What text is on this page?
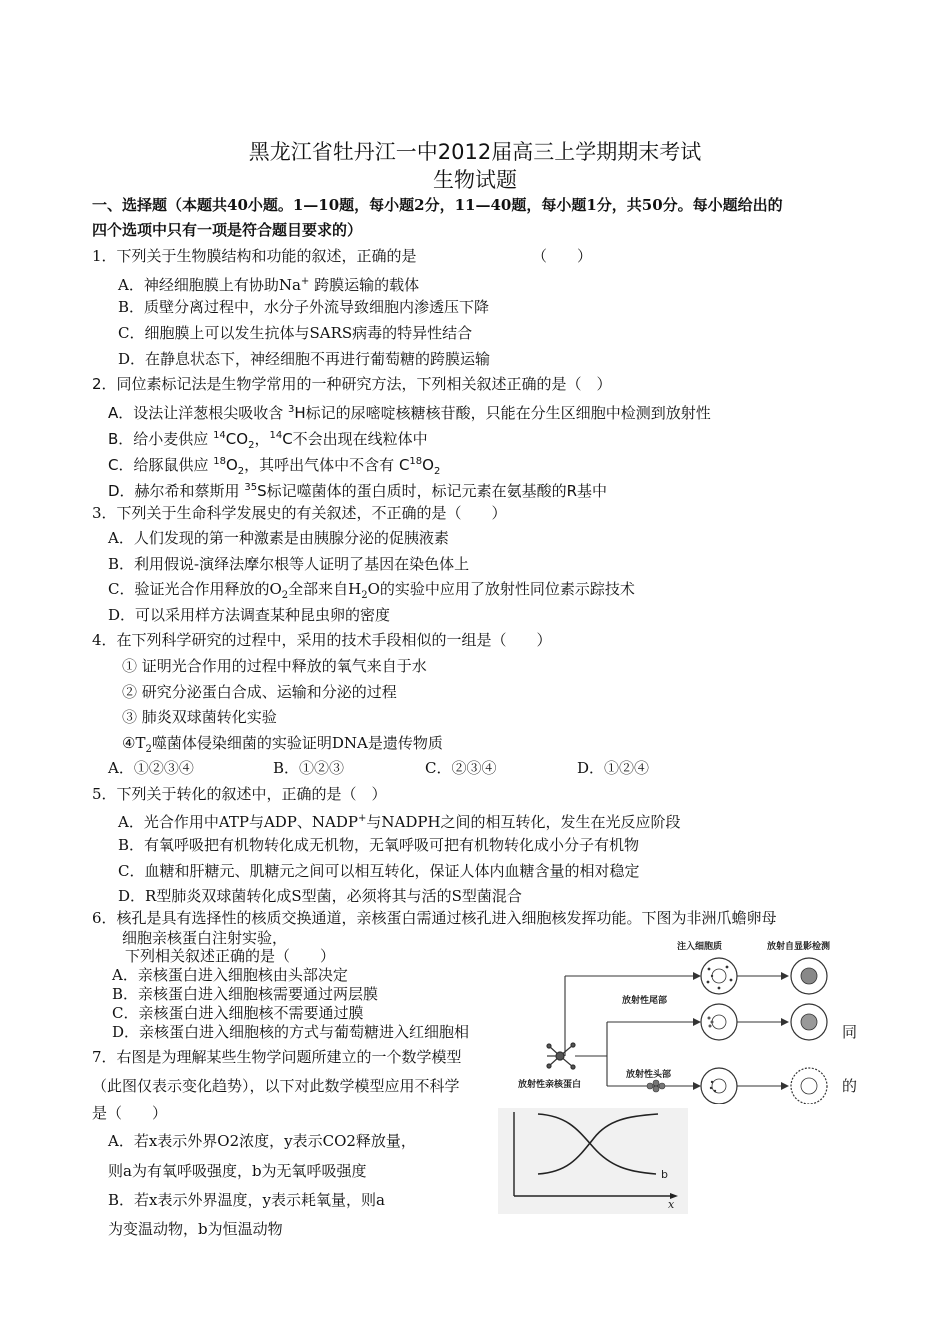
黑龙江省牡丹江一中2012届高三上学期期末考试
生物试题
一、选择题（本题共40小题。1—10题，每小题2分，11—40题，每小题1分，共50分。每小题给出的
四个选项中只有一项是符合题目要求的）
1．下列关于生物膜结构和功能的叙述，正确的是	（　　）
A．神经细胞膜上有协助Na+ 跨膜运输的载体
B．质壁分离过程中，水分子外流导致细胞内渗透压下降
C．细胞膜上可以发生抗体与SARS病毒的特异性结合
D．在静息状态下，神经细胞不再进行葡萄糖的跨膜运输
2．同位素标记法是生物学常用的一种研究方法，下列相关叙述正确的是（　）
A．设法让洋葱根尖吸收含 $^3$H标记的尿嘧啶核糖核苷酸，只能在分生区细胞中检测到放射性
B．给小麦供应 $^{14}CO_2$，$^{14}$C不会出现在线粒体中
C．给豚鼠供应 $^{18}O_2$，其呼出气体中不含有 $C^{18}O_2$
D．赫尔希和蔡斯用 $^{35}$S标记噬菌体的蛋白质时，标记元素在氨基酸的R基中
3．下列关于生命科学发展史的有关叙述，不正确的是（　　）
A．人们发现的第一种激素是由胰腺分泌的促胰液素
B．利用假说-演绎法摩尔根等人证明了基因在染色体上
C．验证光合作用释放的$O_2$全部来自$H_2O$的实验中应用了放射性同位素示踪技术
D．可以采用样方法调查某种昆虫卵的密度
4．在下列科学研究的过程中，采用的技术手段相似的一组是（　　）
① 证明光合作用的过程中释放的氧气来自于水
② 研究分泌蛋白合成、运输和分泌的过程
③ 肺炎双球菌转化实验
$④T_2$噬菌体侵染细菌的实验证明DNA是遗传物质
A．①②③④	B．①②③	C．②③④	D．①②④
5．下列关于转化的叙述中，正确的是（　）
A．光合作用中ATP与ADP、NADP+与NADPH之间的相互转化，发生在光反应阶段
B．有氧呼吸把有机物转化成无机物，无氧呼吸可把有机物转化成小分子有机物
C．血糖和肝糖元、肌糖元之间可以相互转化，保证人体内血糖含量的相对稳定
D．R型肺炎双球菌转化成S型菌，必须将其与活的S型菌混合
6．核孔是具有选择性的核质交换通道，亲核蛋白需通过核孔进入细胞核发挥功能。下图为非洲爪蟾卵母
细胞亲核蛋白注射实验，
下列相关叙述正确的是（　　）
A．亲核蛋白进入细胞核由头部决定
B．亲核蛋白进入细胞核需要通过两层膜
C．亲核蛋白进入细胞核不需要通过膜
D．亲核蛋白进入细胞核的方式与葡萄糖进入红细胞相	同
7．右图是为理解某些生物学问题所建立的一个数学模型
（此图仅表示变化趋势），以下对此数学模型应用不科学	的
是（　　）
A．若x表示外界O2浓度，y表示CO2释放量，
则a为有氧呼吸强度，b为无氧呼吸强度
B．若x表示外界温度，y表示耗氧量，则a
为变温动物，b为恒温动物
注入细胞质	放射自显影检测
放射性尾部
放射性头部
放射性亲核蛋白
b
x
